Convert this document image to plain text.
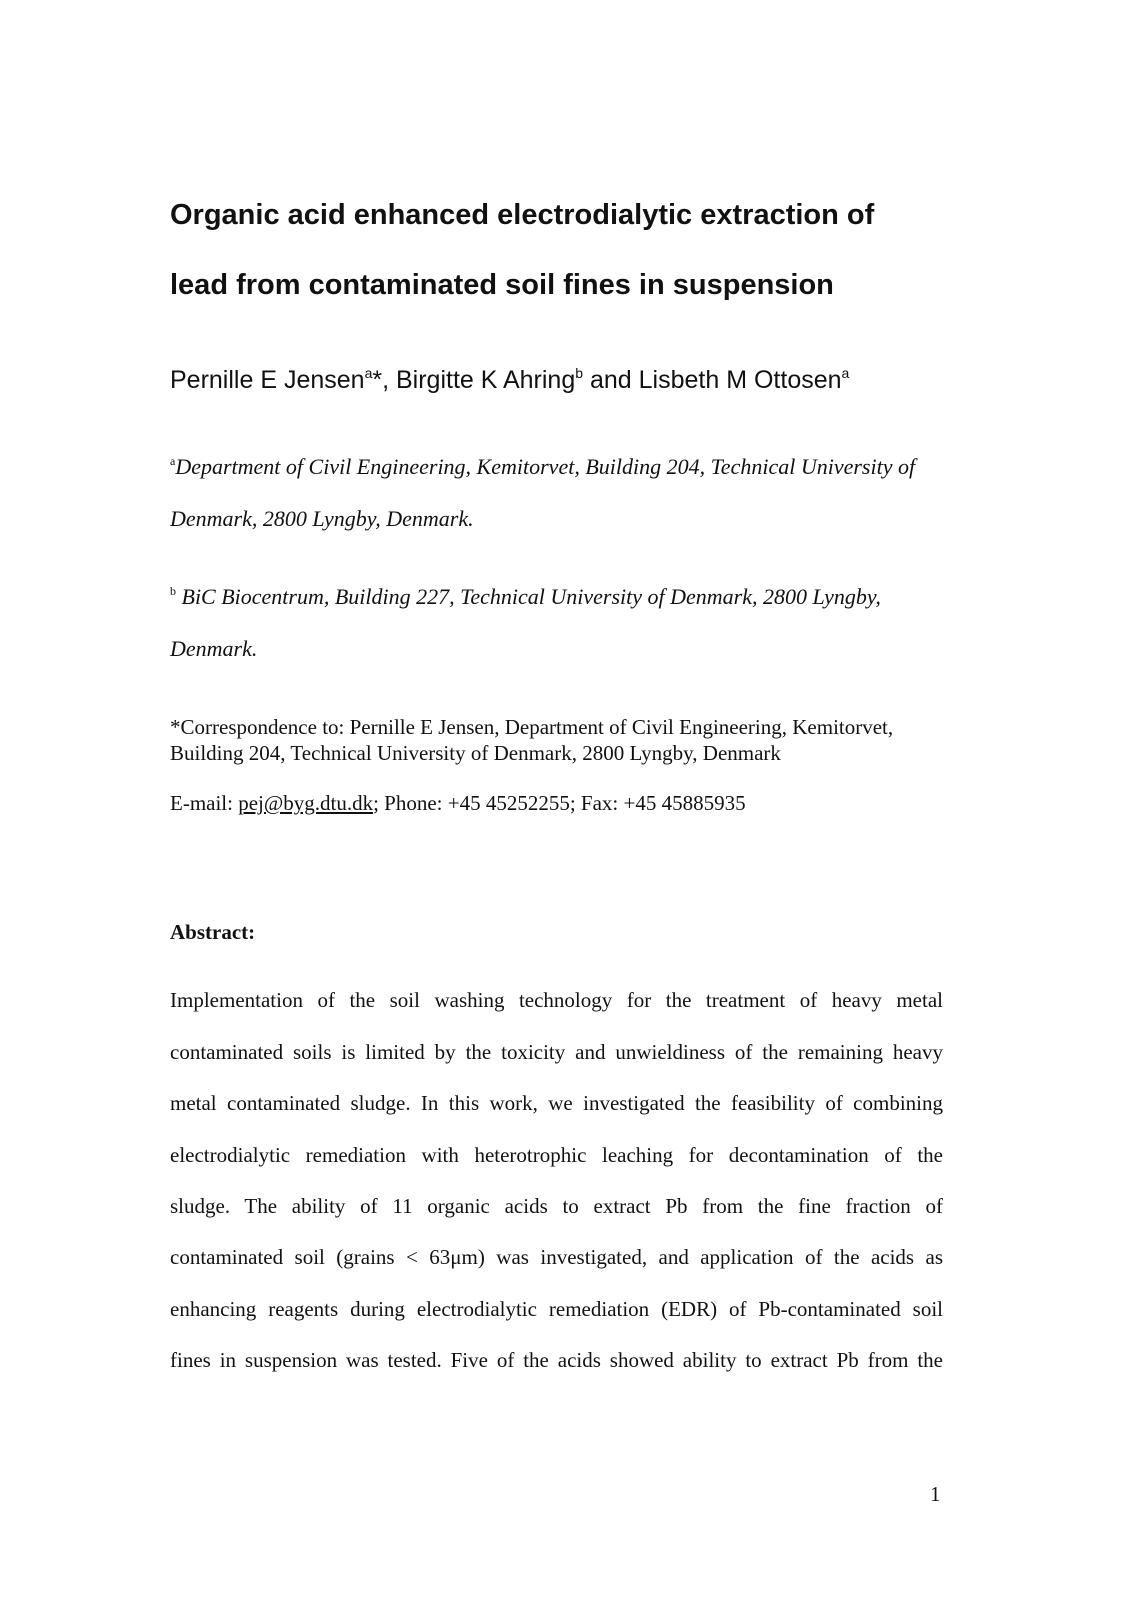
Organic acid enhanced electrodialytic extraction of
lead from contaminated soil fines in suspension
Pernille E Jensen$^a$*, Birgitte K Ahring$^b$ and Lisbeth M Ottosen$^a$
$^a$Department of Civil Engineering, Kemitorvet, Building 204, Technical University of
Denmark, 2800 Lyngby, Denmark.
$^b$ BiC Biocentrum, Building 227, Technical University of Denmark, 2800 Lyngby,
Denmark.
*Correspondence to: Pernille E Jensen, Department of Civil Engineering, Kemitorvet, Building 204, Technical University of Denmark, 2800 Lyngby, Denmark
E-mail: pej@byg.dtu.dk; Phone: +45 45252255; Fax: +45 45885935
Abstract:
Implementation of the soil washing technology for the treatment of heavy metal
contaminated soils is limited by the toxicity and unwieldiness of the remaining heavy
metal contaminated sludge. In this work, we investigated the feasibility of combining
electrodialytic remediation with heterotrophic leaching for decontamination of the
sludge. The ability of 11 organic acids to extract Pb from the fine fraction of
contaminated soil (grains < 63μm) was investigated, and application of the acids as
enhancing reagents during electrodialytic remediation (EDR) of Pb-contaminated soil
fines in suspension was tested. Five of the acids showed ability to extract Pb from the
1
